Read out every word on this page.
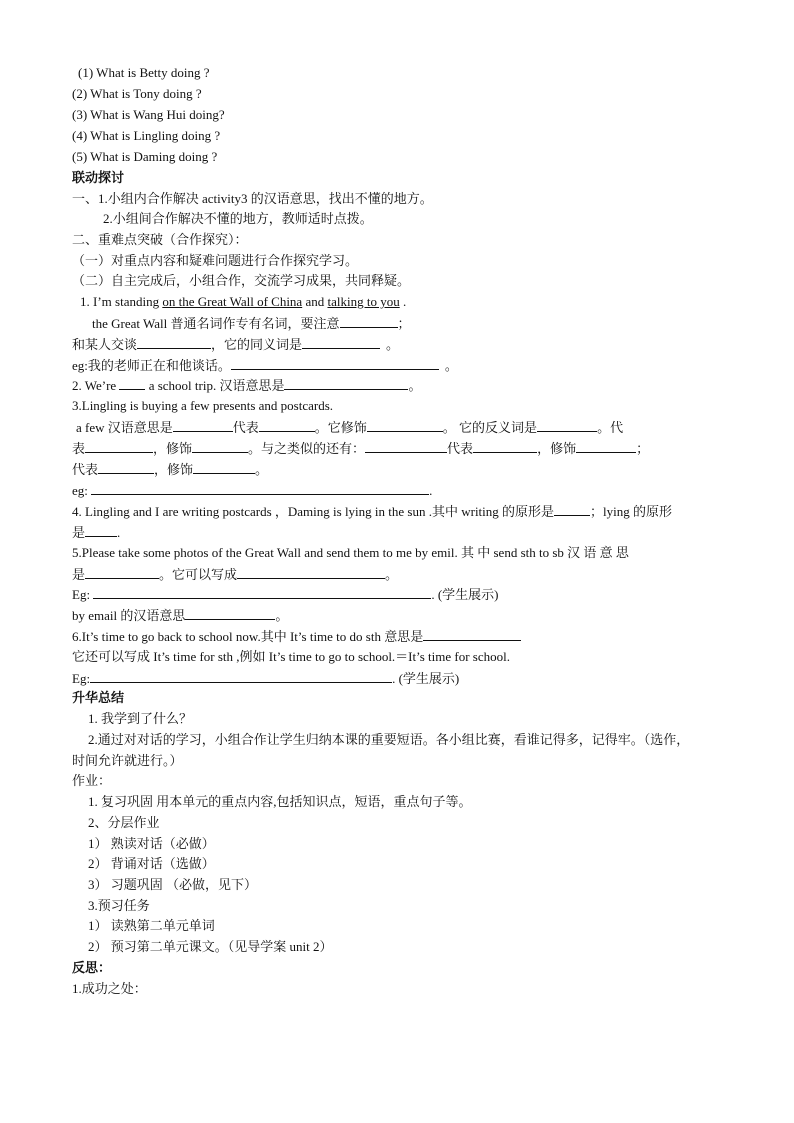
(1) What is Betty doing ?
(2) What is Tony doing ?
(3) What is Wang Hui doing?
(4) What is Lingling doing ?
(5) What is Daming doing ?
联动探讨
一、1.小组内合作解决 activity3 的汉语意思，找出不懂的地方。
2.小组间合作解决不懂的地方，教师适时点拨。
二、重难点突破（合作探究）：
（一）对重点内容和疑难问题进行合作探究学习。
（二）自主完成后，小组合作，交流学习成果，共同释疑。
1. I’m standing on the Great Wall of China and talking to you .
the Great Wall 普通名词作专有名词，要注意	；
和某人交谈	，它的同义词是	。
eg:我的老师正在和他谈话。	。
2. We’re	a school trip. 汉语意思是	。
3.Lingling is buying a few presents and postcards.
a few 汉语意思是	代表	。它修饰	。 它的反义词是	。代
表	，修饰	。与之类似的还有：	代表	，修饰	；
代表	，修饰	。
eg:	.
4. Lingling and I are writing postcards ，Daming is lying in the sun .其中 writing 的原形是	；lying 的原形
是 .
5.Please take some photos of the Great Wall and send them to me by emil. 其 中 send sth to sb 汉 语 意 思
是	。它可以写成	。
Eg:	. (学生展示)
by email 的汉语意思	。
6.It’s time to go back to school now.其中 It’s time to do sth 意思是
它还可以写成 It’s time for sth ,例如 It’s time to go to school.＝It’s time for school.
Eg:	. (学生展示)
升华总结
1. 我学到了什么？
2.通过对对话的学习，小组合作让学生归纳本课的重要短语。各小组比赛，看谁记得多，记得牢。（选作，
时间允许就进行。）
作业：
1. 复习巩固 用本单元的重点内容,包括知识点，短语，重点句子等。
2、分层作业
1） 熟读对话（必做）
2） 背诵对话（选做）
3） 习题巩固 （必做，见下）
3.预习任务
1） 读熟第二单元单词
2） 预习第二单元课文。（见导学案 unit 2）
反思：
1.成功之处：
